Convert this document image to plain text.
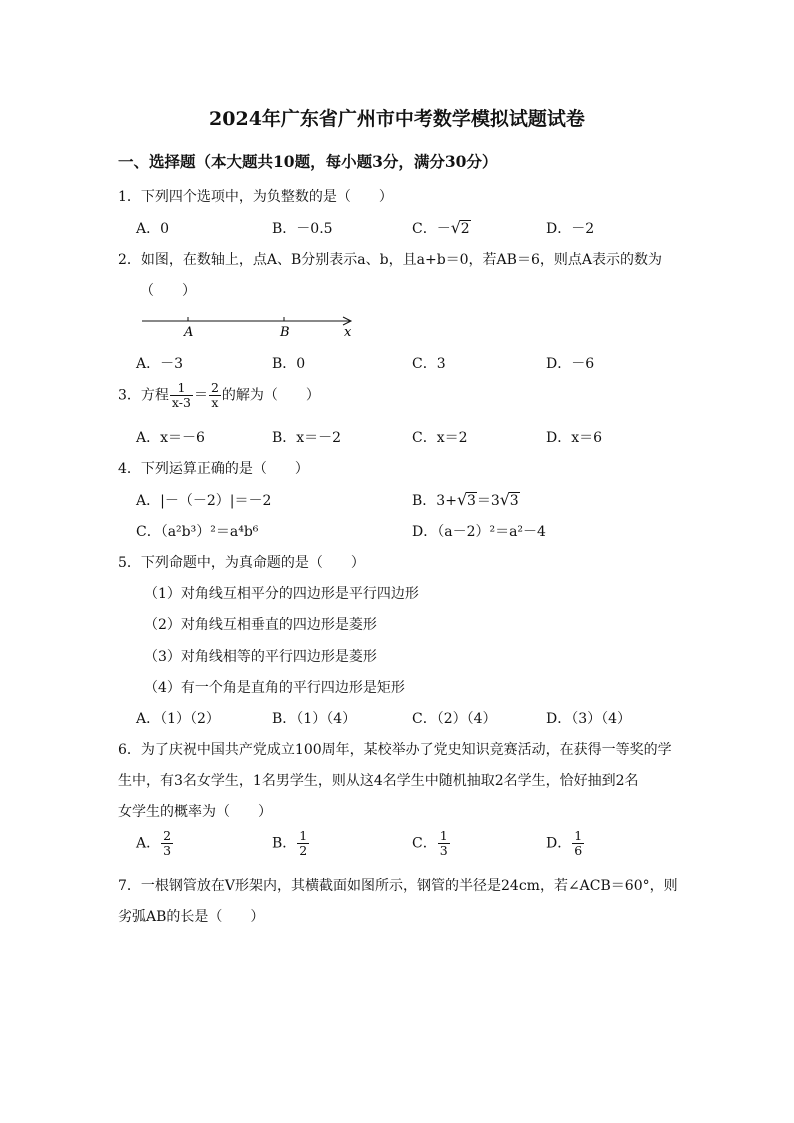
2024年广东省广州市中考数学模拟试题试卷
一、选择题（本大题共10题，每小题3分，满分30分）
1．下列四个选项中，为负整数的是（　　）
A．0	B．－0.5	C．－ √ 2	D．－2
2．如图，在数轴上，点A、B分别表示a、b，且a+b＝0，若AB＝6，则点A表示的数为
（　　）
A	B	x
A．－3	B．0	C．3	D．－6
3．方程 $\frac{1}{x-3} = \frac{2}{x}$ 的解为（　　）
A．x＝－6	B．x＝－2	C．x＝2	D．x＝6
4．下列运算正确的是（　　）
A．|－（－2）|＝－2	B．3+ √ 3＝3 √ 3
C．（a²b³）²＝a⁴b⁶	D．（a－2）²＝a²－4
5．下列命题中，为真命题的是（　　）
（1）对角线互相平分的四边形是平行四边形
（2）对角线互相垂直的四边形是菱形
（3）对角线相等的平行四边形是菱形
（4）有一个角是直角的平行四边形是矩形
A．（1）（2）	B．（1）（4）	C．（2）（4）	D．（3）（4）
6．为了庆祝中国共产党成立100周年，某校举办了党史知识竞赛活动，在获得一等奖的学
生中，有3名女学生，1名男学生，则从这4名学生中随机抽取2名学生，恰好抽到2名
女学生的概率为（　　）
A． $\frac{2}{3}$	B． $\frac{1}{2}$	C． $\frac{1}{3}$	D． $\frac{1}{6}$
7．一根钢管放在V形架内，其横截面如图所示，钢管的半径是24cm，若∠ACB＝60°，则
劣弧AB的长是（　　）
